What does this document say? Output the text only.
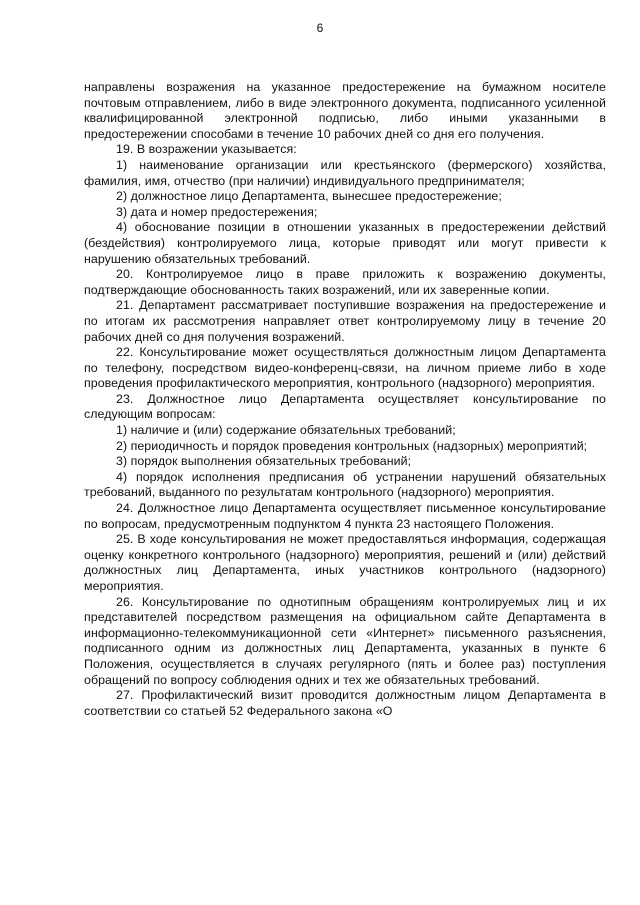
6

направлены возражения на указанное предостережение на бумажном носителе почтовым отправлением, либо в виде электронного документа, подписанного усиленной квалифицированной электронной подписью, либо иными указанными в предостережении способами в течение 10 рабочих дней со дня его получения.

19. В возражении указывается:

1) наименование организации или крестьянского (фермерского) хозяйства, фамилия, имя, отчество (при наличии) индивидуального предпринимателя;

2) должностное лицо Департамента, вынесшее предостережение;

3) дата и номер предостережения;

4) обоснование позиции в отношении указанных в предостережении действий (бездействия) контролируемого лица, которые приводят или могут привести к нарушению обязательных требований.

20. Контролируемое лицо в праве приложить к возражению документы, подтверждающие обоснованность таких возражений, или их заверенные копии.

21. Департамент рассматривает поступившие возражения на предостережение и по итогам их рассмотрения направляет ответ контролируемому лицу в течение 20 рабочих дней со дня получения возражений.

22. Консультирование может осуществляться должностным лицом Департамента по телефону, посредством видео-конференц-связи, на личном приеме либо в ходе проведения профилактического мероприятия, контрольного (надзорного) мероприятия.

23. Должностное лицо Департамента осуществляет консультирование по следующим вопросам:

1) наличие и (или) содержание обязательных требований;

2) периодичность и порядок проведения контрольных (надзорных) мероприятий;

3) порядок выполнения обязательных требований;

4) порядок исполнения предписания об устранении нарушений обязательных требований, выданного по результатам контрольного (надзорного) мероприятия.

24. Должностное лицо Департамента осуществляет письменное консультирование по вопросам, предусмотренным подпунктом 4 пункта 23 настоящего Положения.

25. В ходе консультирования не может предоставляться информация, содержащая оценку конкретного контрольного (надзорного) мероприятия, решений и (или) действий должностных лиц Департамента, иных участников контрольного (надзорного) мероприятия.

26. Консультирование по однотипным обращениям контролируемых лиц и их представителей посредством размещения на официальном сайте Департамента в информационно-телекоммуникационной сети «Интернет» письменного разъяснения, подписанного одним из должностных лиц Департамента, указанных в пункте 6 Положения, осуществляется в случаях регулярного (пять и более раз) поступления обращений по вопросу соблюдения одних и тех же обязательных требований.

27. Профилактический визит проводится должностным лицом Департамента в соответствии со статьей 52 Федерального закона «О
